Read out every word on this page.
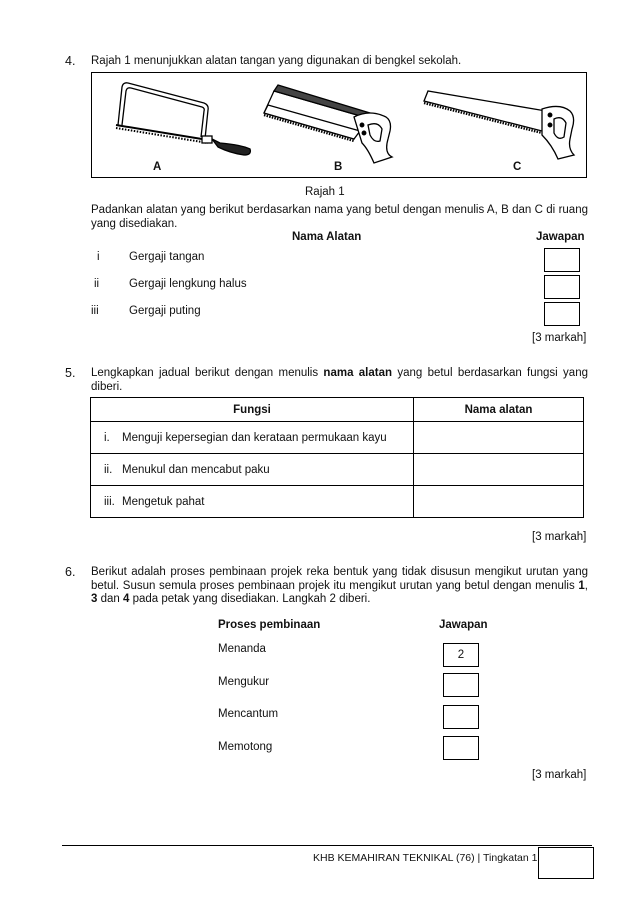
4. Rajah 1 menunjukkan alatan tangan yang digunakan di bengkel sekolah.
A	B	C
Rajah 1
Padankan alatan yang berikut berdasarkan nama yang betul dengan menulis A, B dan C di ruang yang disediakan.
Nama Alatan	Jawapan
i	Gergaji tangan
ii	Gergaji lengkung halus
iii	Gergaji puting
[3 markah]
5. Lengkapkan jadual berikut dengan menulis nama alatan yang betul berdasarkan fungsi yang diberi.
Fungsi	Nama alatan
i. Menguji kepersegian dan kerataan permukaan kayu	
ii. Menukul dan mencabut paku	
iii. Mengetuk pahat	
[3 markah]
6. Berikut adalah proses pembinaan projek reka bentuk yang tidak disusun mengikut urutan yang betul. Susun semula proses pembinaan projek itu mengikut urutan yang betul dengan menulis 1, 3 dan 4 pada petak yang disediakan. Langkah 2 diberi.
Proses pembinaan	Jawapan
Menanda	2
Mengukur
Mencantum
Memotong
[3 markah]
KHB KEMAHIRAN TEKNIKAL (76) | Tingkatan 1
